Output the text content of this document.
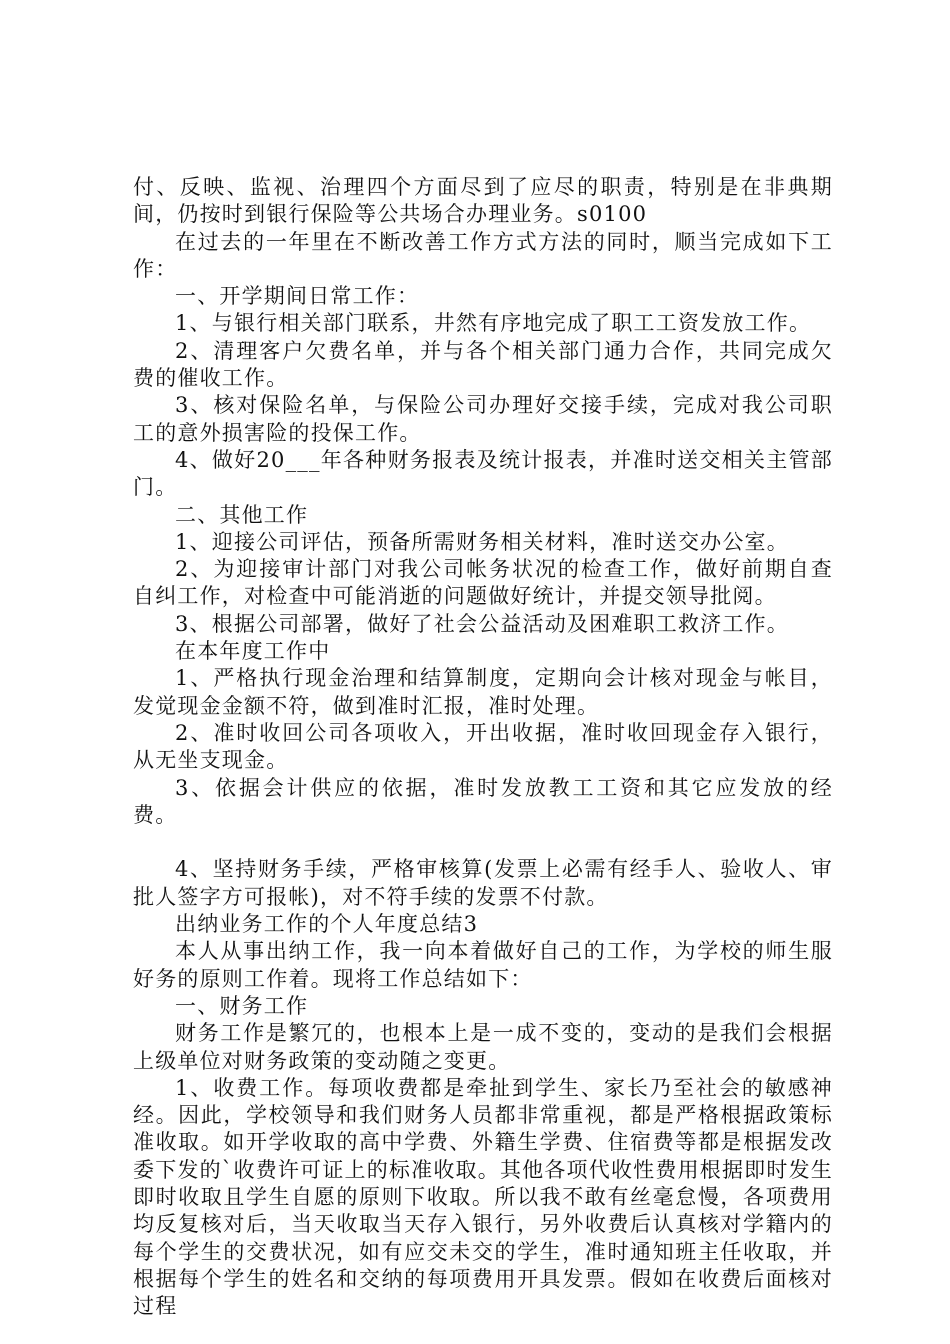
付、反映、监视、治理四个方面尽到了应尽的职责，特别是在非典期间，仍按时到银行保险等公共场合办理业务。s0100

在过去的一年里在不断改善工作方式方法的同时，顺当完成如下工作：

一、开学期间日常工作：

1、与银行相关部门联系，井然有序地完成了职工工资发放工作。

2、清理客户欠费名单，并与各个相关部门通力合作，共同完成欠费的催收工作。

3、核对保险名单，与保险公司办理好交接手续，完成对我公司职工的意外损害险的投保工作。

4、做好20___年各种财务报表及统计报表，并准时送交相关主管部门。

二、其他工作

1、迎接公司评估，预备所需财务相关材料，准时送交办公室。

2、为迎接审计部门对我公司帐务状况的检查工作，做好前期自查自纠工作，对检查中可能消逝的问题做好统计，并提交领导批阅。

3、根据公司部署，做好了社会公益活动及困难职工救济工作。

在本年度工作中

1、严格执行现金治理和结算制度，定期向会计核对现金与帐目，发觉现金金额不符，做到准时汇报，准时处理。

2、准时收回公司各项收入，开出收据，准时收回现金存入银行，从无坐支现金。

3、依据会计供应的依据，准时发放教工工资和其它应发放的经费。

4、坚持财务手续，严格审核算(发票上必需有经手人、验收人、审批人签字方可报帐)，对不符手续的发票不付款。

出纳业务工作的个人年度总结3

本人从事出纳工作，我一向本着做好自己的工作，为学校的师生服好务的原则工作着。现将工作总结如下：

一、财务工作

财务工作是繁冗的，也根本上是一成不变的，变动的是我们会根据上级单位对财务政策的变动随之变更。

1、收费工作。每项收费都是牵扯到学生、家长乃至社会的敏感神经。因此，学校领导和我们财务人员都非常重视，都是严格根据政策标准收取。如开学收取的高中学费、外籍生学费、住宿费等都是根据发改委下发的`收费许可证上的标准收取。其他各项代收性费用根据即时发生即时收取且学生自愿的原则下收取。所以我不敢有丝毫怠慢，各项费用均反复核对后，当天收取当天存入银行，另外收费后认真核对学籍内的每个学生的交费状况，如有应交未交的学生，准时通知班主任收取，并根据每个学生的姓名和交纳的每项费用开具发票。假如在收费后面核对过程
